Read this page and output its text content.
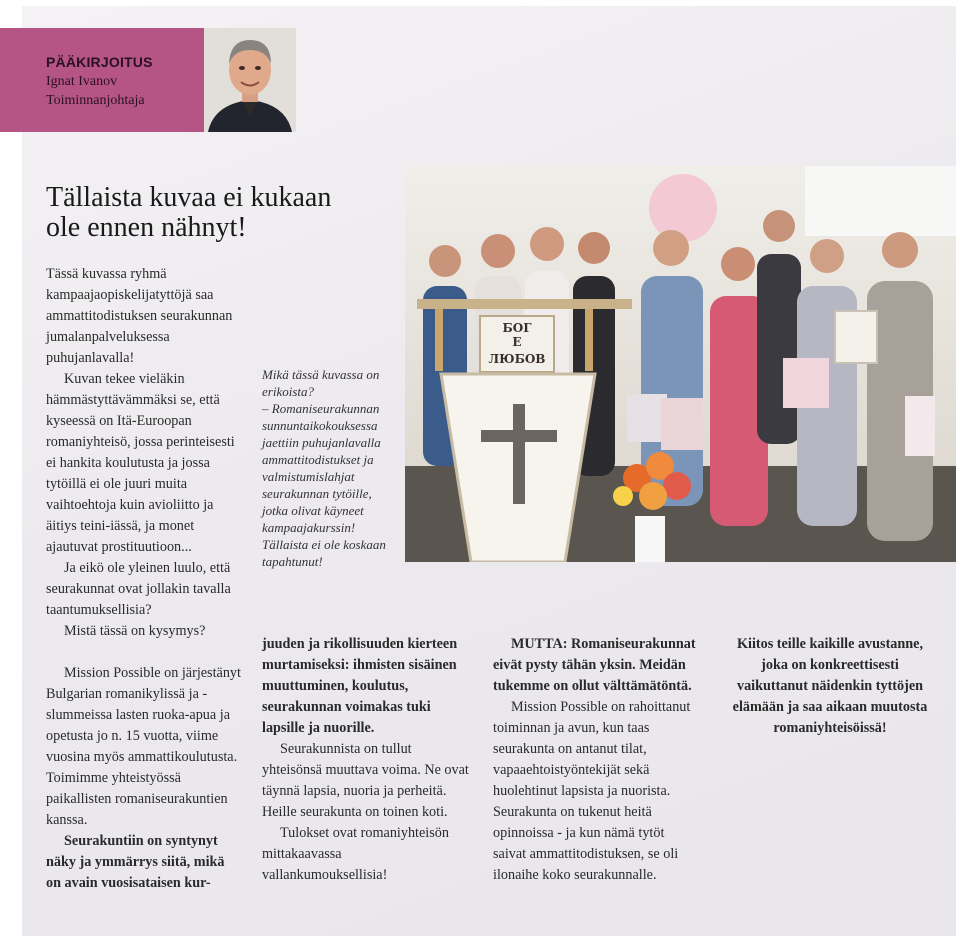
PÄÄKIRJOITUS
Ignat Ivanov
Toiminnanjohtaja
Tällaista kuvaa ei kukaan
ole ennen nähnyt!

Tässä kuvassa ryhmä kampaajaopiskelijatyttöjä saa ammattitodistuksen seurakunnan jumalanpalveluksessa puhujanlavalla!

Kuvan tekee vieläkin hämmästyttävämmäksi se, että kyseessä on Itä-Euroopan romaniyhteisö, jossa perinteisesti ei hankita koulutusta ja jossa tytöillä ei ole juuri muita vaihtoehtoja kuin avioliitto ja äitiys teini-iässä, ja monet ajautuvat prostituutioon...

Ja eikö ole yleinen luulo, että seurakunnat ovat jollakin tavalla taantumuksellisia?

Mistä tässä on kysymys?

Mission Possible on järjestänyt Bulgarian romanikylissä ja -slummeissa lasten ruoka-apua ja opetusta jo n. 15 vuotta, viime vuosina myös ammattikoulutusta. Toimimme yhteistyössä paikallisten romaniseurakuntien kanssa.

Seurakuntiin on syntynyt näky ja ymmärrys siitä, mikä on avain vuosisataisen kur-

Mikä tässä kuvassa on erikoista?

– Romaniseurakunnan sunnuntaikokouksessa jaettiin puhujanlavalla ammattitodistukset ja valmistumislahjat seurakunnan tytöille, jotka olivat käyneet kampaajakurssin! Tällaista ei ole koskaan tapahtunut!

БОГ
Е
ЛЮБОВ

juuden ja rikollisuuden kierteen murtamiseksi: ihmisten sisäinen muuttuminen, koulutus, seurakunnan voimakas tuki lapsille ja nuorille.

Seurakunnista on tullut yhteisönsä muuttava voima. Ne ovat täynnä lapsia, nuoria ja perheitä. Heille seurakunta on toinen koti.

Tulokset ovat romaniyhteisön mittakaavassa vallankumouksellisia!

MUTTA: Romaniseurakunnat eivät pysty tähän yksin. Meidän tukemme on ollut välttämätöntä.

Mission Possible on rahoittanut toiminnan ja avun, kun taas seurakunta on antanut tilat, vapaaehtoistyöntekijät sekä huolehtinut lapsista ja nuorista. Seurakunta on tukenut heitä opinnoissa - ja kun nämä tytöt saivat ammattitodistuksen, se oli ilonaihe koko seurakunnalle.

Kiitos teille kaikille avustanne, joka on konkreettisesti vaikuttanut näidenkin tyttöjen elämään ja saa aikaan muutosta romaniyhteisöissä!
